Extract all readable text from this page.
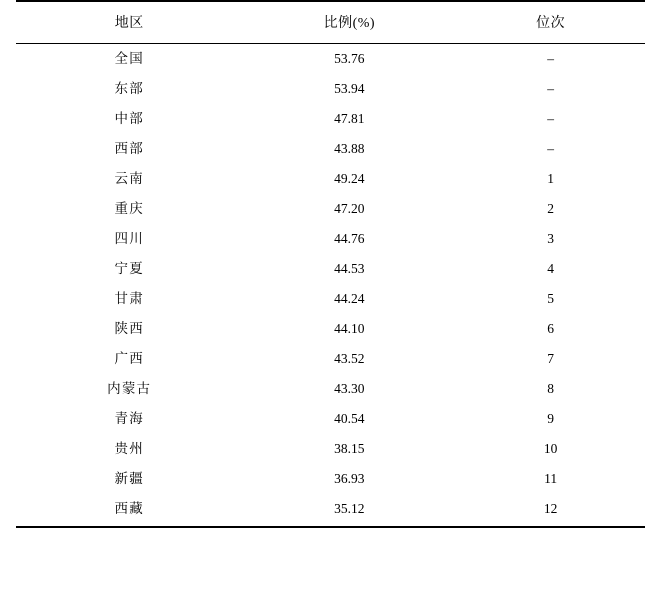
地区	比例(%)	位次
全国	53.76	–
东部	53.94	–
中部	47.81	–
西部	43.88	–
云南	49.24	1
重庆	47.20	2
四川	44.76	3
宁夏	44.53	4
甘肃	44.24	5
陕西	44.10	6
广西	43.52	7
内蒙古	43.30	8
青海	40.54	9
贵州	38.15	10
新疆	36.93	11
西藏	35.12	12
